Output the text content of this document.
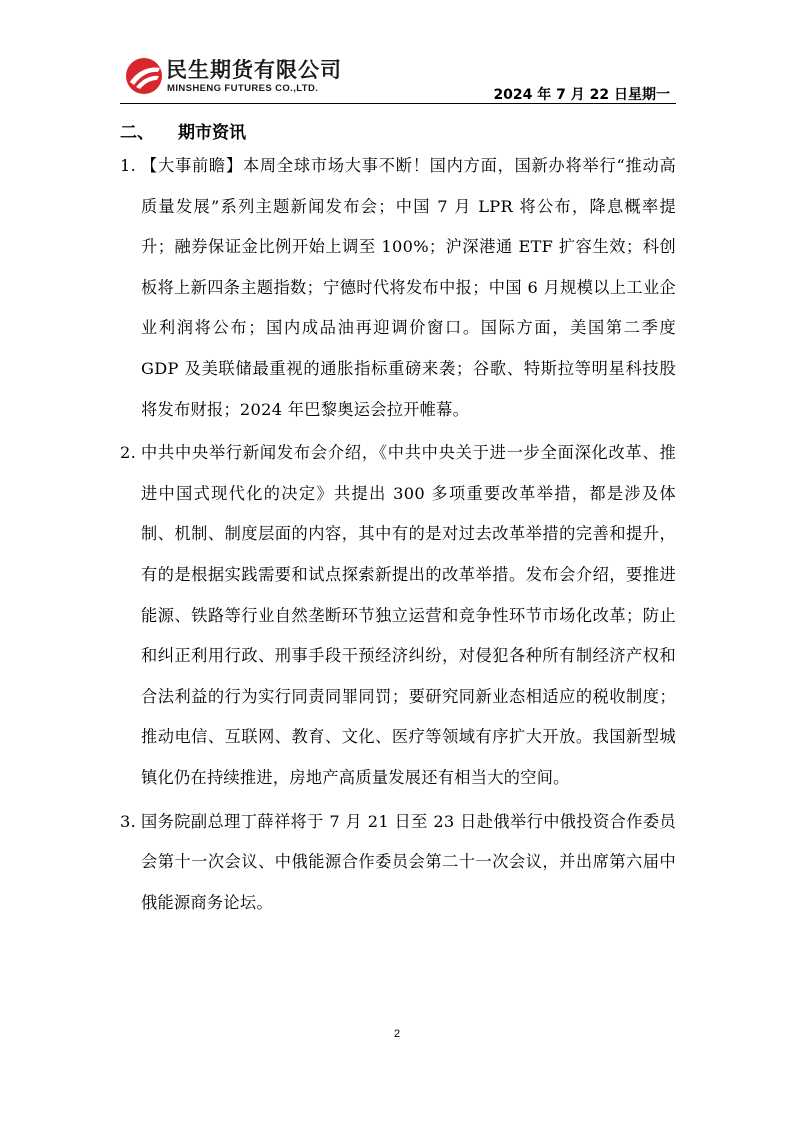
民生期货有限公司
MINSHENG FUTURES CO.,LTD.	2024 年 7 月 22 日星期一
二、 期市资讯
1. 【大事前瞻】本周全球市场大事不断！国内方面，国新办将举行“推动高质量发展”系列主题新闻发布会；中国 7 月 LPR 将公布，降息概率提升；融券保证金比例开始上调至 100%；沪深港通 ETF 扩容生效；科创板将上新四条主题指数；宁德时代将发布中报；中国 6 月规模以上工业企业利润将公布；国内成品油再迎调价窗口。国际方面，美国第二季度 GDP 及美联储最重视的通胀指标重磅来袭；谷歌、特斯拉等明星科技股将发布财报；2024 年巴黎奥运会拉开帷幕。
2. 中共中央举行新闻发布会介绍，《中共中央关于进一步全面深化改革、推进中国式现代化的决定》共提出 300 多项重要改革举措，都是涉及体制、机制、制度层面的内容，其中有的是对过去改革举措的完善和提升，有的是根据实践需要和试点探索新提出的改革举措。发布会介绍，要推进能源、铁路等行业自然垄断环节独立运营和竞争性环节市场化改革；防止和纠正利用行政、刑事手段干预经济纠纷，对侵犯各种所有制经济产权和合法利益的行为实行同责同罪同罚；要研究同新业态相适应的税收制度；推动电信、互联网、教育、文化、医疗等领域有序扩大开放。我国新型城镇化仍在持续推进，房地产高质量发展还有相当大的空间。
3. 国务院副总理丁薛祥将于 7 月 21 日至 23 日赴俄举行中俄投资合作委员会第十一次会议、中俄能源合作委员会第二十一次会议，并出席第六届中俄能源商务论坛。
2
